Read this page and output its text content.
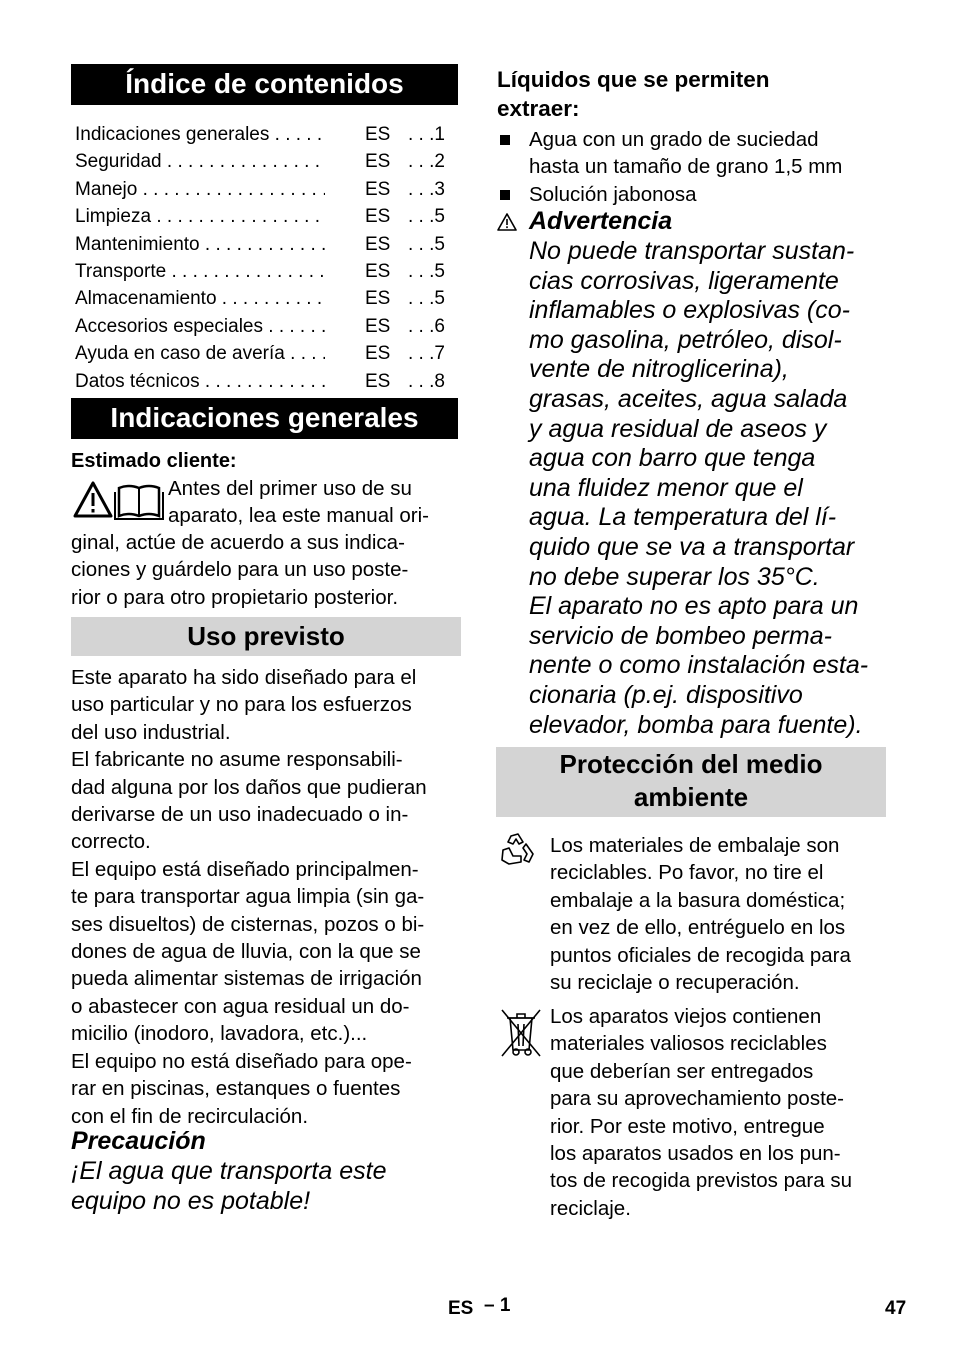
Índice de contenidos
Indicaciones generales . . .	ES	. . . 1
Seguridad . . .	ES	. . . 2
Manejo . . .	ES	. . . 3
Limpieza . . .	ES	. . . 5
Mantenimiento . . .	ES	. . . 5
Transporte . . .	ES	. . . 5
Almacenamiento . . .	ES	. . . 5
Accesorios especiales . . .	ES	. . . 6
Ayuda en caso de avería . . .	ES	. . . 7
Datos técnicos . . .	ES	. . . 8
Indicaciones generales
Estimado cliente:

Antes del primer uso de su

aparato, lea este manual ori-

ginal, actúe de acuerdo a sus indica-

ciones y guárdelo para un uso poste-

rior o para otro propietario posterior.

Uso previsto

Este aparato ha sido diseñado para el

uso particular y no para los esfuerzos

del uso industrial.

El fabricante no asume responsabili-

dad alguna por los daños que pudieran

derivarse de un uso inadecuado o in-

correcto.

El equipo está diseñado principalmen-

te para transportar agua limpia (sin ga-

ses disueltos) de cisternas, pozos o bi-

dones de agua de lluvia, con la que se

pueda alimentar sistemas de irrigación

o abastecer con agua residual un do-

micilio (inodoro, lavadora, etc.)...

El equipo no está diseñado para ope-

rar en piscinas, estanques o fuentes

con el fin de recirculación.

Precaución

¡El agua que transporta este

equipo no es potable!

Líquidos que se permiten

extraer:

Agua con un grado de suciedad

hasta un tamaño de grano 1,5 mm

Solución jabonosa
Advertencia

No puede transportar sustan-

cias corrosivas, ligeramente

inflamables o explosivas (co-

mo gasolina, petróleo, disol-

vente de nitroglicerina),

grasas, aceites, agua salada

y agua residual de aseos y

agua con barro que tenga

una fluidez menor que el

agua. La temperatura del lí-

quido que se va a transportar

no debe superar los 35°C.

El aparato no es apto para un

servicio de bombeo perma-

nente o como instalación esta-

cionaria (p.ej. dispositivo

elevador, bomba para fuente).

Protección del medio
ambiente

Los materiales de embalaje son

reciclables. Po favor, no tire el

embalaje a la basura doméstica;

en vez de ello, entréguelo en los

puntos oficiales de recogida para

su reciclaje o recuperación.

Los aparatos viejos contienen

materiales valiosos reciclables

que deberían ser entregados

para su aprovechamiento poste-

rior. Por este motivo, entregue

los aparatos usados en los pun-

tos de recogida previstos para su

reciclaje.

ES – 1	47
